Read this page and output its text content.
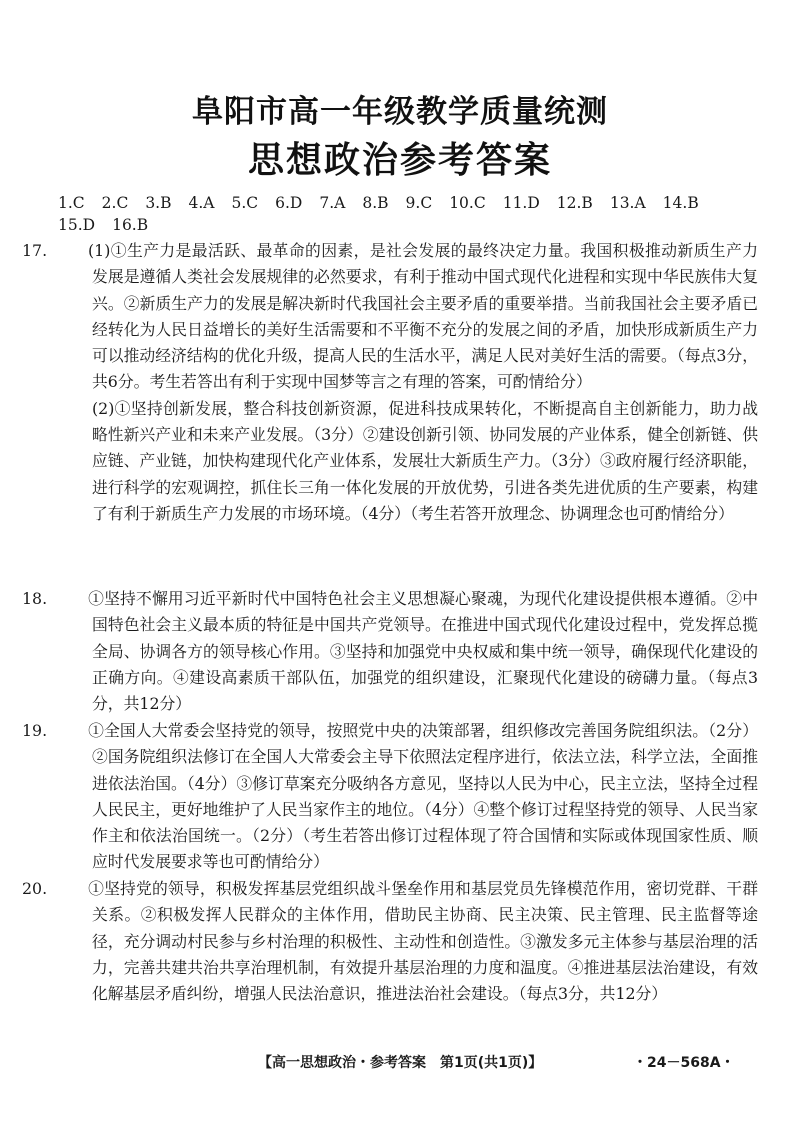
阜阳市高一年级教学质量统测
思想政治参考答案
1.C 2.C 3.B 4.A 5.C 6.D 7.A 8.B 9.C 10.C 11.D 12.B 13.A 14.B
15.D 16.B

17.	(1)①生产力是最活跃、最革命的因素，是社会发展的最终决定力量。我国积极推动新质生产力发展是遵循人类社会发展规律的必然要求，有利于推动中国式现代化进程和实现中华民族伟大复兴。②新质生产力的发展是解决新时代我国社会主要矛盾的重要举措。当前我国社会主要矛盾已经转化为人民日益增长的美好生活需要和不平衡不充分的发展之间的矛盾，加快形成新质生产力可以推动经济结构的优化升级，提高人民的生活水平，满足人民对美好生活的需要。（每点3分，共6分。考生若答出有利于实现中国梦等言之有理的答案，可酌情给分）

(2)①坚持创新发展，整合科技创新资源，促进科技成果转化，不断提高自主创新能力，助力战略性新兴产业和未来产业发展。（3分）②建设创新引领、协同发展的产业体系，健全创新链、供应链、产业链，加快构建现代化产业体系，发展壮大新质生产力。（3分）③政府履行经济职能，进行科学的宏观调控，抓住长三角一体化发展的开放优势，引进各类先进优质的生产要素，构建了有利于新质生产力发展的市场环境。（4分）（考生若答开放理念、协调理念也可酌情给分）

18.	①坚持不懈用习近平新时代中国特色社会主义思想凝心聚魂，为现代化建设提供根本遵循。②中国特色社会主义最本质的特征是中国共产党领导。在推进中国式现代化建设过程中，党发挥总揽全局、协调各方的领导核心作用。③坚持和加强党中央权威和集中统一领导，确保现代化建设的正确方向。④建设高素质干部队伍，加强党的组织建设，汇聚现代化建设的磅礴力量。（每点3分，共12分）

19.	①全国人大常委会坚持党的领导，按照党中央的决策部署，组织修改完善国务院组织法。（2分）②国务院组织法修订在全国人大常委会主导下依照法定程序进行，依法立法，科学立法，全面推进依法治国。（4分）③修订草案充分吸纳各方意见，坚持以人民为中心，民主立法，坚持全过程人民民主，更好地维护了人民当家作主的地位。（4分）④整个修订过程坚持党的领导、人民当家作主和依法治国统一。（2分）（考生若答出修订过程体现了符合国情和实际或体现国家性质、顺应时代发展要求等也可酌情给分）

20.	①坚持党的领导，积极发挥基层党组织战斗堡垒作用和基层党员先锋模范作用，密切党群、干群关系。②积极发挥人民群众的主体作用，借助民主协商、民主决策、民主管理、民主监督等途径，充分调动村民参与乡村治理的积极性、主动性和创造性。③激发多元主体参与基层治理的活力，完善共建共治共享治理机制，有效提升基层治理的力度和温度。④推进基层法治建设，有效化解基层矛盾纠纷，增强人民法治意识，推进法治社会建设。（每点3分，共12分）

【高一思想政治・参考答案　第1页(共1页)】	・24－568A・
